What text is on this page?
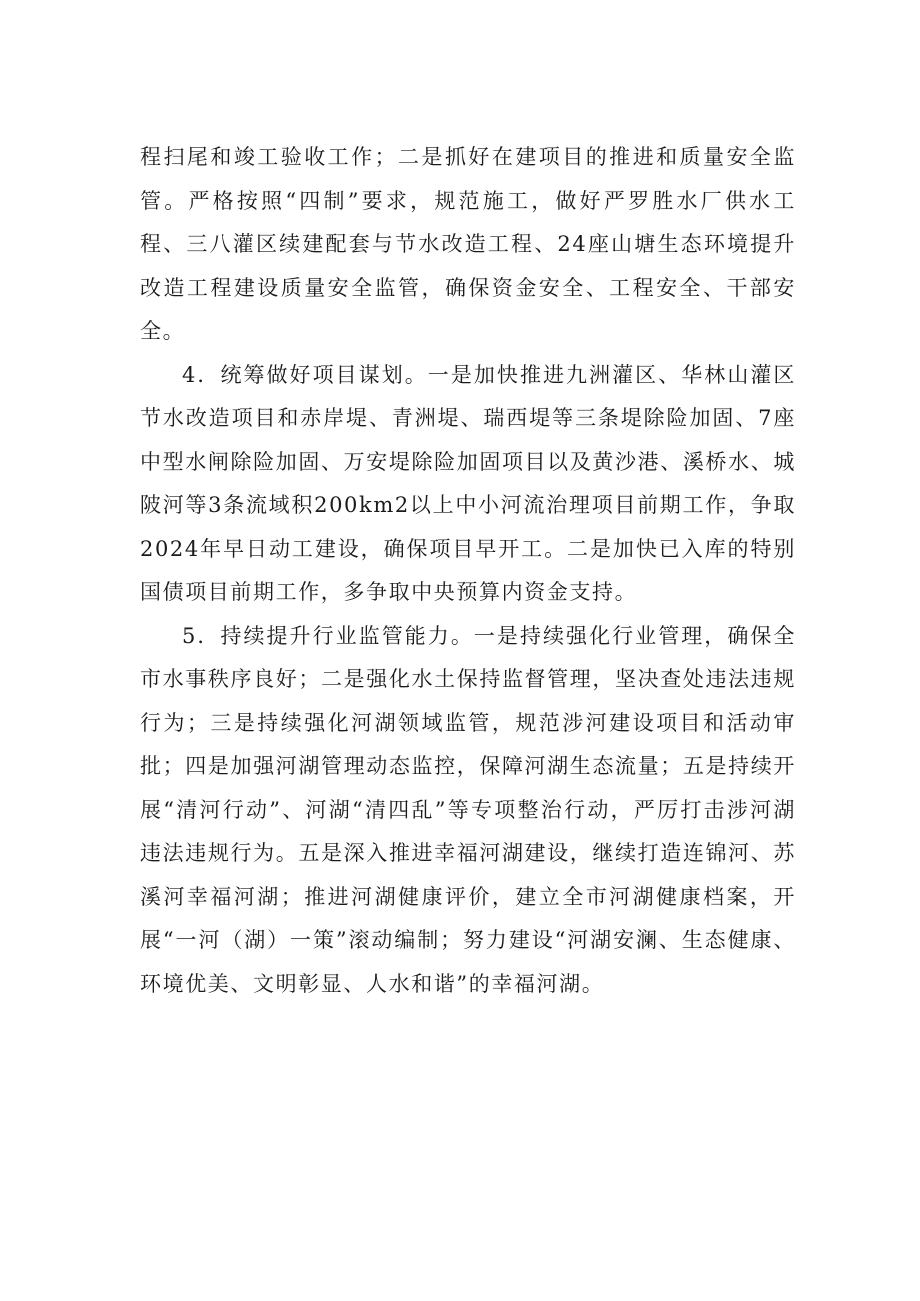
程扫尾和竣工验收工作；二是抓好在建项目的推进和质量安全监管。严格按照“四制”要求，规范施工，做好严罗胜水厂供水工程、三八灌区续建配套与节水改造工程、24座山塘生态环境提升改造工程建设质量安全监管，确保资金安全、工程安全、干部安全。

4．统筹做好项目谋划。一是加快推进九洲灌区、华林山灌区节水改造项目和赤岸堤、青洲堤、瑞西堤等三条堤除险加固、7座中型水闸除险加固、万安堤除险加固项目以及黄沙港、溪桥水、城陂河等3条流域积200km2以上中小河流治理项目前期工作，争取2024年早日动工建设，确保项目早开工。二是加快已入库的特别国债项目前期工作，多争取中央预算内资金支持。

5．持续提升行业监管能力。一是持续强化行业管理，确保全市水事秩序良好；二是强化水土保持监督管理，坚决查处违法违规行为；三是持续强化河湖领域监管，规范涉河建设项目和活动审批；四是加强河湖管理动态监控，保障河湖生态流量；五是持续开展“清河行动”、河湖“清四乱”等专项整治行动，严厉打击涉河湖违法违规行为。五是深入推进幸福河湖建设，继续打造连锦河、苏溪河幸福河湖；推进河湖健康评价，建立全市河湖健康档案，开展“一河（湖）一策”滚动编制；努力建设“河湖安澜、生态健康、环境优美、文明彰显、人水和谐”的幸福河湖。
